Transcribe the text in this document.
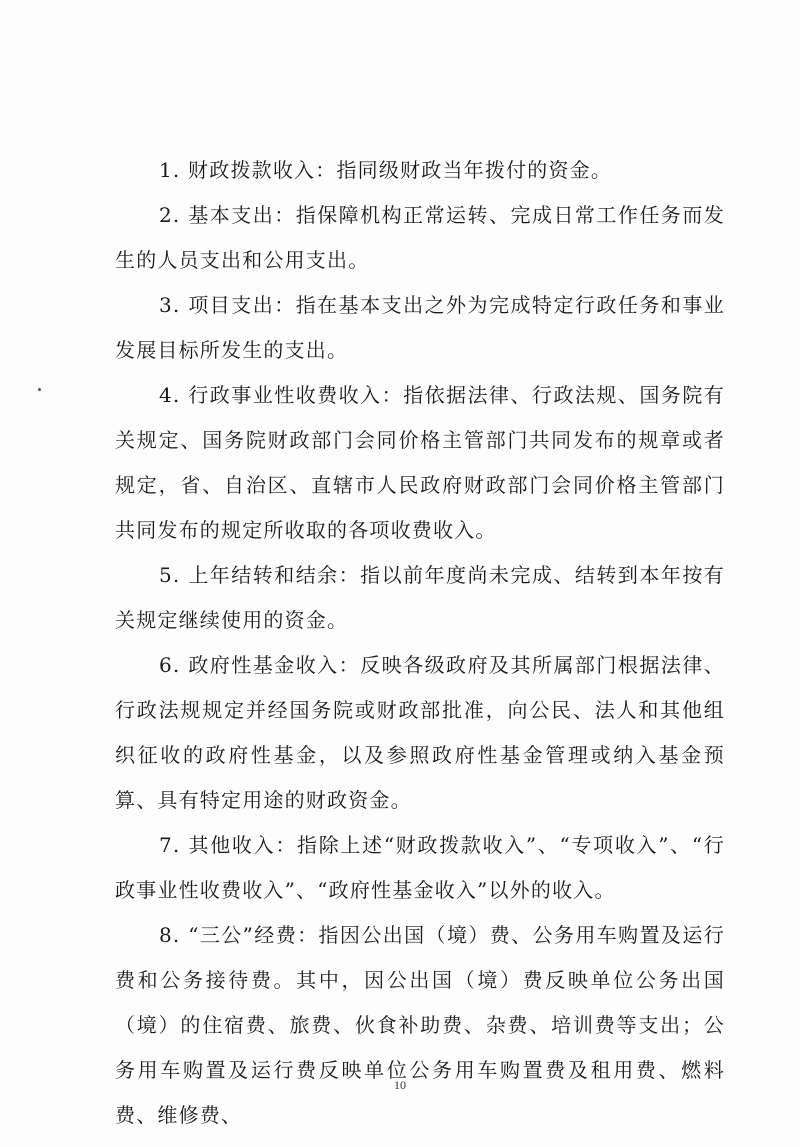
1. 财政拨款收入：指同级财政当年拨付的资金。

2. 基本支出：指保障机构正常运转、完成日常工作任务而发生的人员支出和公用支出。

3. 项目支出：指在基本支出之外为完成特定行政任务和事业发展目标所发生的支出。

4. 行政事业性收费收入：指依据法律、行政法规、国务院有关规定、国务院财政部门会同价格主管部门共同发布的规章或者规定，省、自治区、直辖市人民政府财政部门会同价格主管部门共同发布的规定所收取的各项收费收入。

5. 上年结转和结余：指以前年度尚未完成、结转到本年按有关规定继续使用的资金。

6. 政府性基金收入：反映各级政府及其所属部门根据法律、行政法规规定并经国务院或财政部批准，向公民、法人和其他组织征收的政府性基金，以及参照政府性基金管理或纳入基金预算、具有特定用途的财政资金。

7. 其他收入：指除上述“财政拨款收入”、“专项收入”、“行政事业性收费收入”、“政府性基金收入”以外的收入。

8. “三公”经费：指因公出国（境）费、公务用车购置及运行费和公务接待费。其中，因公出国（境）费反映单位公务出国（境）的住宿费、旅费、伙食补助费、杂费、培训费等支出；公务用车购置及运行费反映单位公务用车购置费及租用费、燃料费、维修费、

10
